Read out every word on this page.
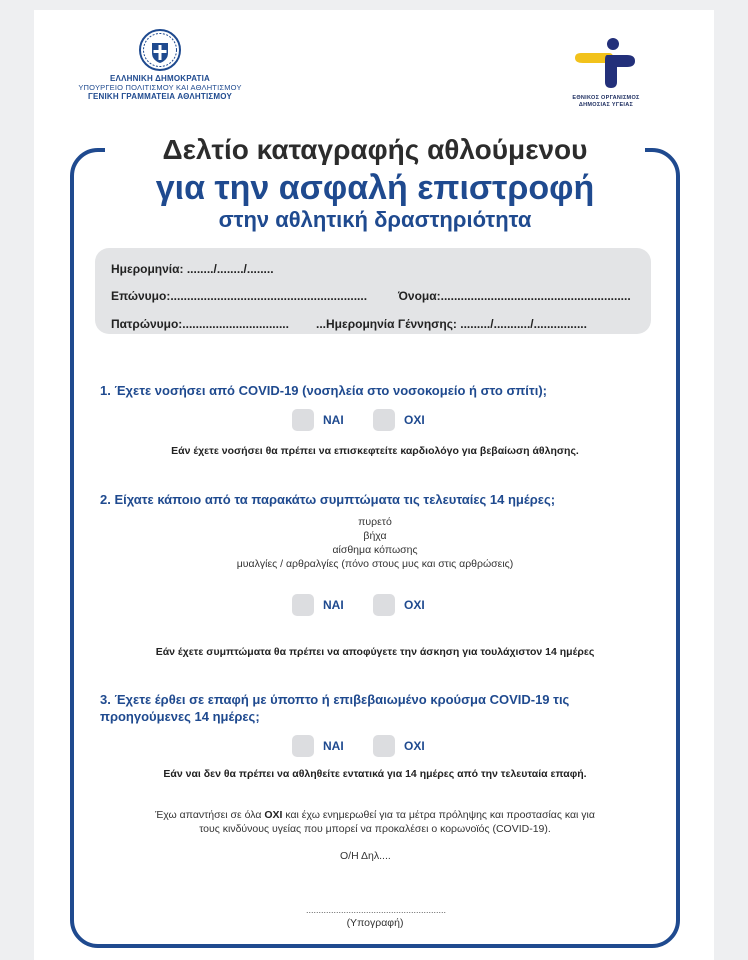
ΕΛΛΗΝΙΚΗ ΔΗΜΟΚΡΑΤΙΑ
ΥΠΟΥΡΓΕΙΟ ΠΟΛΙΤΙΣΜΟΥ ΚΑΙ ΑΘΛΗΤΙΣΜΟΥ
ΓΕΝΙΚΗ ΓΡΑΜΜΑΤΕΙΑ ΑΘΛΗΤΙΣΜΟΥ	ΕΘΝΙΚΟΣ ΟΡΓΑΝΙΣΜΟΣ
ΔΗΜΟΣΙΑΣ ΥΓΕΙΑΣ
Δελτίο καταγραφής αθλούμενου
για την ασφαλή επιστροφή
στην αθλητική δραστηριότητα
Ημερομηνία: ......../......../........
Επώνυμο:...........................................................	Όνομα:.........................................................
Πατρώνυμο:................................ ...Ημερομηνία Γέννησης: ........./.........../................
1. Έχετε νοσήσει από COVID-19 (νοσηλεία στο νοσοκομείο ή στο σπίτι);
ΝΑΙ	ΟΧΙ
Εάν έχετε νοσήσει θα πρέπει να επισκεφτείτε καρδιολόγο για βεβαίωση άθλησης.
2. Είχατε κάποιο από τα παρακάτω συμπτώματα τις τελευταίες 14 ημέρες;
πυρετό
βήχα
αίσθημα κόπωσης
μυαλγίες / αρθραλγίες (πόνο στους μυς και στις αρθρώσεις)
ΝΑΙ	ΟΧΙ
Εάν έχετε συμπτώματα θα πρέπει να αποφύγετε την άσκηση για τουλάχιστον 14 ημέρες
3. Έχετε έρθει σε επαφή με ύποπτο ή επιβεβαιωμένο κρούσμα COVID-19 τις
προηγούμενες 14 ημέρες;
ΝΑΙ	ΟΧΙ
Εάν ναι δεν θα πρέπει να αθληθείτε εντατικά για 14 ημέρες από την τελευταία επαφή.
Έχω απαντήσει σε όλα ΟΧΙ και έχω ενημερωθεί για τα μέτρα πρόληψης και προστασίας και για
τους κινδύνους υγείας που μπορεί να προκαλέσει ο κορωνοϊός (COVID-19).
Ο/Η Δηλ....
........................................................
(Υπογραφή)
